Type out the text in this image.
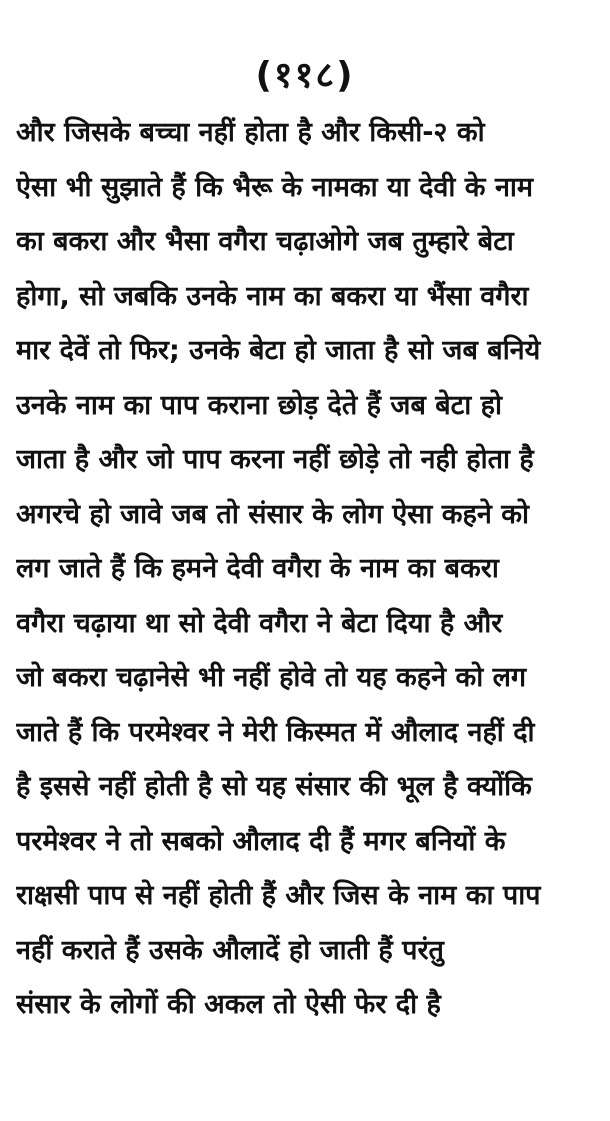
(११८)
और जिसके बच्चा नहीं होता है और किसी-२ को
ऐसा भी सुझाते हैं कि भैरू के नामका या देवी के नाम
का बकरा और भैसा वगैरा चढ़ाओगे जब तुम्हारे बेटा
होगा, सो जबकि उनके नाम का बकरा या भैंसा वगैरा
मार देवें तो फिर; उनके बेटा हो जाता है सो जब बनिये
उनके नाम का पाप कराना छोड़ देते हैं जब बेटा हो
जाता है और जो पाप करना नहीं छोड़े तो नही होता है
अगरचे हो जावे जब तो संसार के लोग ऐसा कहने को
लग जाते हैं कि हमने देवी वगैरा के नाम का बकरा
वगैरा चढ़ाया था सो देवी वगैरा ने बेटा दिया है और
जो बकरा चढ़ानेसे भी नहीं होवे तो यह कहने को लग
जाते हैं कि परमेश्वर ने मेरी किस्मत में औलाद नहीं दी
है इससे नहीं होती है सो यह संसार की भूल है क्योंकि
परमेश्वर ने तो सबको औलाद दी हैं मगर बनियों के
राक्षसी पाप से नहीं होती हैं और जिस के नाम का पाप
नहीं कराते हैं उसके औलादें हो जाती हैं परंतु
संसार के लोगों की अकल तो ऐसी फेर दी है
